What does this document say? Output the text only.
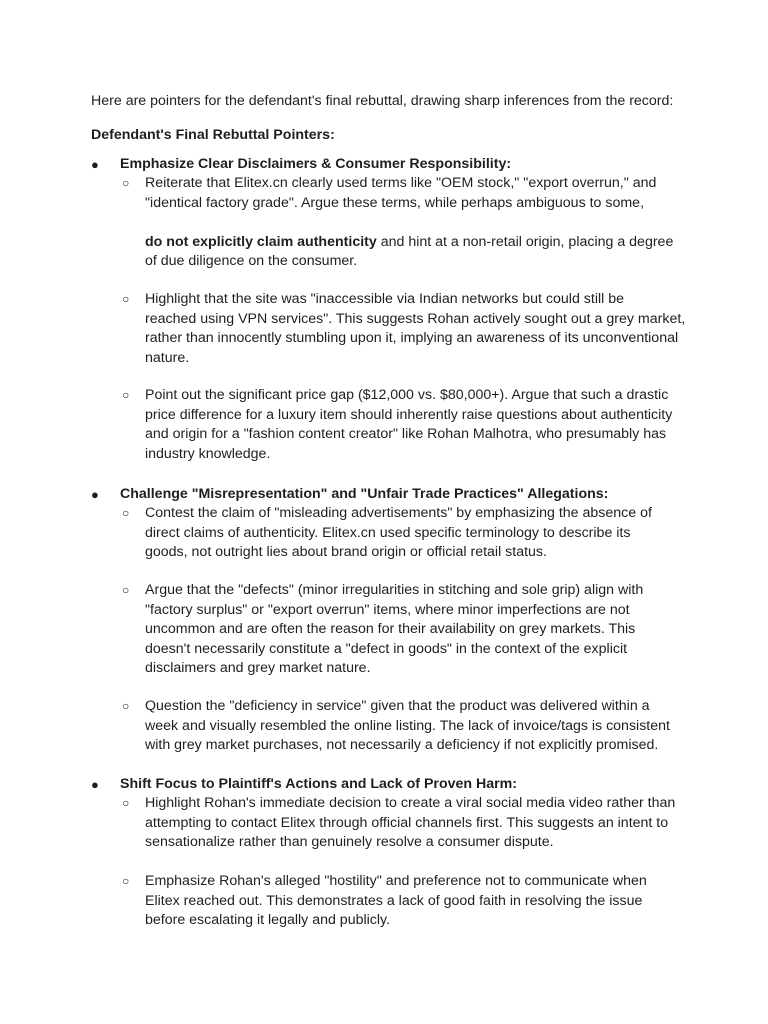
Here are pointers for the defendant's final rebuttal, drawing sharp inferences from the record:
Defendant's Final Rebuttal Pointers:
●	Emphasize Clear Disclaimers & Consumer Responsibility:
○ Reiterate that Elitex.cn clearly used terms like "OEM stock," "export overrun," and
"identical factory grade". Argue these terms, while perhaps ambiguous to some,
do not explicitly claim authenticity and hint at a non-retail origin, placing a degree
of due diligence on the consumer.
○ Highlight that the site was "inaccessible via Indian networks but could still be
reached using VPN services". This suggests Rohan actively sought out a grey market,
rather than innocently stumbling upon it, implying an awareness of its unconventional
nature.
○ Point out the significant price gap ($12,000 vs. $80,000+). Argue that such a drastic
price difference for a luxury item should inherently raise questions about authenticity
and origin for a "fashion content creator" like Rohan Malhotra, who presumably has
industry knowledge.
●	Challenge "Misrepresentation" and "Unfair Trade Practices" Allegations:
○ Contest the claim of "misleading advertisements" by emphasizing the absence of
direct claims of authenticity. Elitex.cn used specific terminology to describe its
goods, not outright lies about brand origin or official retail status.
○ Argue that the "defects" (minor irregularities in stitching and sole grip) align with
"factory surplus" or "export overrun" items, where minor imperfections are not
uncommon and are often the reason for their availability on grey markets. This
doesn't necessarily constitute a "defect in goods" in the context of the explicit
disclaimers and grey market nature.
○ Question the "deficiency in service" given that the product was delivered within a
week and visually resembled the online listing. The lack of invoice/tags is consistent
with grey market purchases, not necessarily a deficiency if not explicitly promised.
●	Shift Focus to Plaintiff's Actions and Lack of Proven Harm:
○ Highlight Rohan's immediate decision to create a viral social media video rather than
attempting to contact Elitex through official channels first. This suggests an intent to
sensationalize rather than genuinely resolve a consumer dispute.
○ Emphasize Rohan's alleged "hostility" and preference not to communicate when
Elitex reached out. This demonstrates a lack of good faith in resolving the issue
before escalating it legally and publicly.
